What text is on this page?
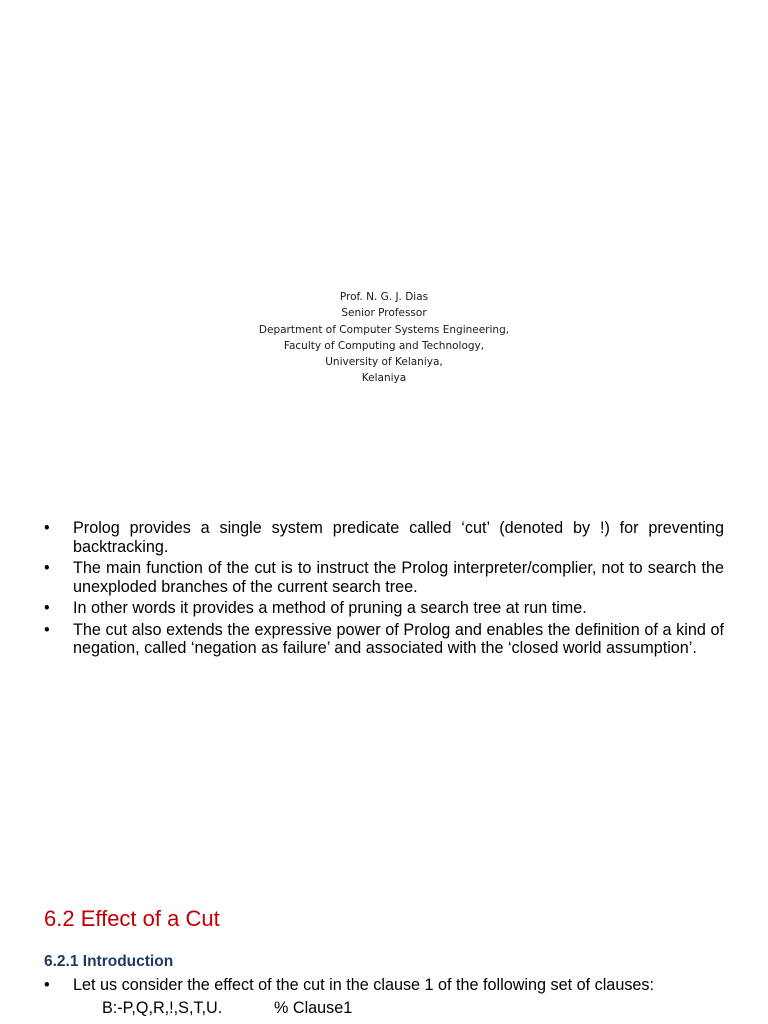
Prof. N. G. J. Dias
Senior Professor
Department of Computer Systems Engineering,
Faculty of Computing and Technology,
University of Kelaniya,
Kelaniya
• Prolog provides a single system predicate called ‘cut’ (denoted by !) for preventing backtracking.
• The main function of the cut is to instruct the Prolog interpreter/complier, not to search the unexploded branches of the current search tree.
• In other words it provides a method of pruning a search tree at run time.
• The cut also extends the expressive power of Prolog and enables the definition of a kind of negation, called ‘negation as failure’ and associated with the ‘closed world assumption’.
6.2 Effect of a Cut
6.2.1 Introduction
• Let us consider the effect of the cut in the clause 1 of the following set of clauses:
B:-P,Q,R,!,S,T,U.	% Clause1
